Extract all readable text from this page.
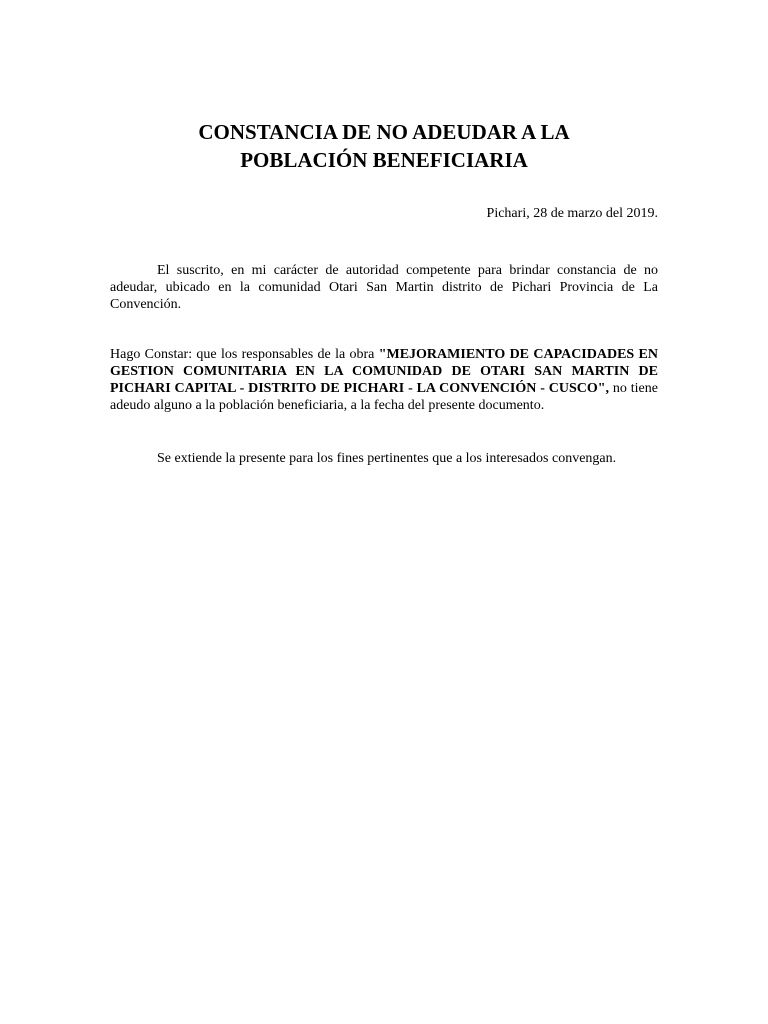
CONSTANCIA DE NO ADEUDAR A LA
POBLACIÓN BENEFICIARIA
Pichari, 28 de marzo del 2019.

El suscrito, en mi carácter de autoridad competente para brindar constancia de no adeudar, ubicado en la comunidad Otari San Martin distrito de Pichari Provincia de La Convención.

Hago Constar: que los responsables de la obra "MEJORAMIENTO DE CAPACIDADES EN GESTION COMUNITARIA EN LA COMUNIDAD DE OTARI SAN MARTIN DE PICHARI CAPITAL - DISTRITO DE PICHARI - LA CONVENCIÓN - CUSCO", no tiene adeudo alguno a la población beneficiaria, a la fecha del presente documento.

Se extiende la presente para los fines pertinentes que a los interesados convengan.
